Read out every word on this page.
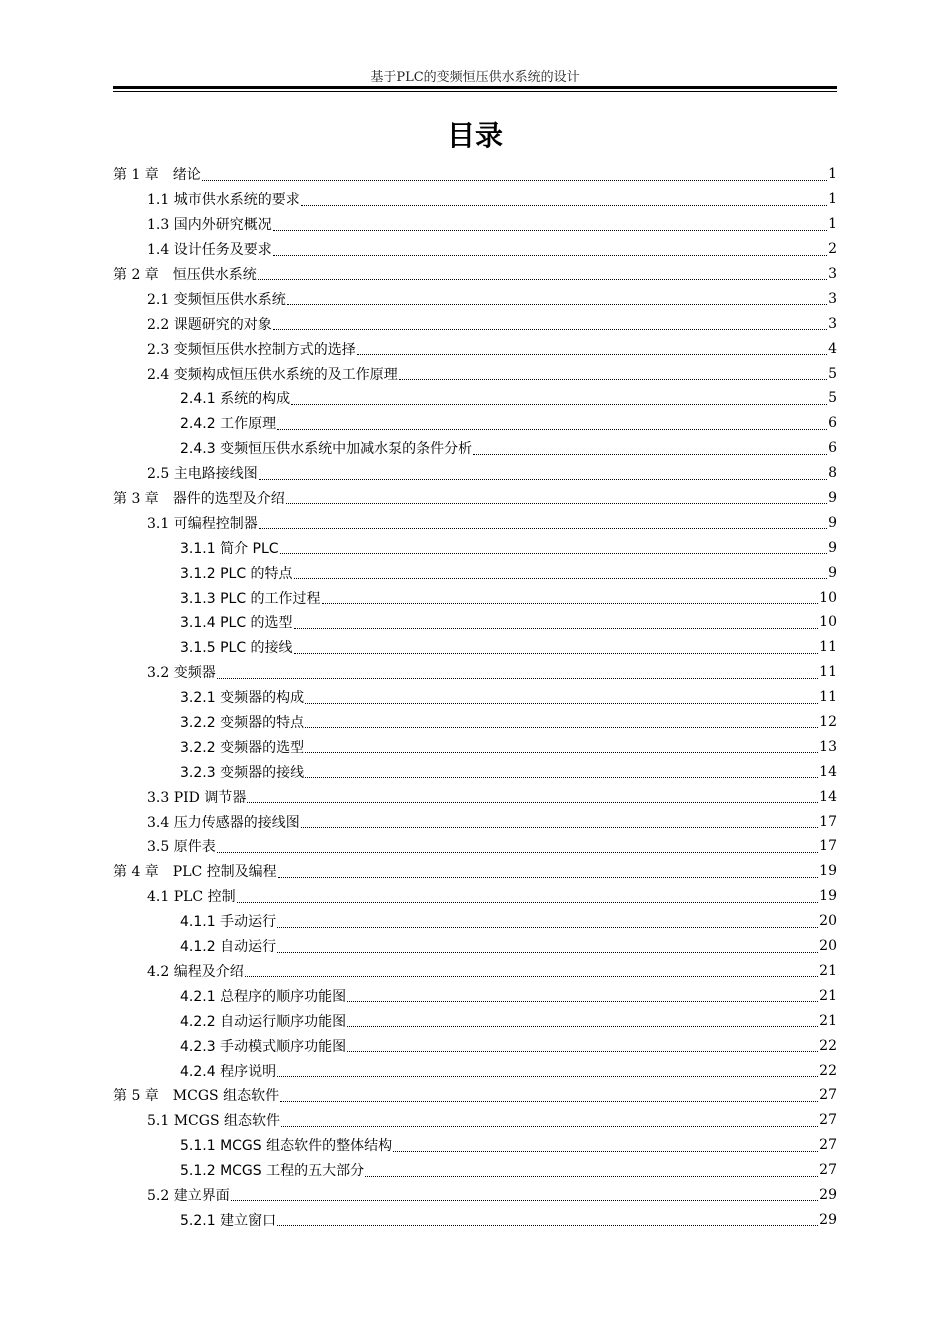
基于PLC的变频恒压供水系统的设计
目录
第 1 章　绪论	1
1.1 城市供水系统的要求	1
1.3 国内外研究概况	1
1.4 设计任务及要求	2
第 2 章　恒压供水系统	3
2.1 变频恒压供水系统	3
2.2 课题研究的对象	3
2.3 变频恒压供水控制方式的选择	4
2.4 变频构成恒压供水系统的及工作原理	5
2.4.1 系统的构成	5
2.4.2 工作原理	6
2.4.3 变频恒压供水系统中加减水泵的条件分析	6
2.5 主电路接线图	8
第 3 章　器件的选型及介绍	9
3.1 可编程控制器	9
3.1.1 简介 PLC	9
3.1.2 PLC 的特点	9
3.1.3 PLC 的工作过程	10
3.1.4 PLC 的选型	10
3.1.5 PLC 的接线	11
3.2 变频器	11
3.2.1 变频器的构成	11
3.2.2 变频器的特点	12
3.2.2 变频器的选型	13
3.2.3 变频器的接线	14
3.3 PID 调节器	14
3.4 压力传感器的接线图	17
3.5 原件表	17
第 4 章　PLC 控制及编程	19
4.1 PLC 控制	19
4.1.1 手动运行	20
4.1.2 自动运行	20
4.2 编程及介绍	21
4.2.1 总程序的顺序功能图	21
4.2.2 自动运行顺序功能图	21
4.2.3 手动模式顺序功能图	22
4.2.4 程序说明	22
第 5 章　MCGS 组态软件	27
5.1 MCGS 组态软件	27
5.1.1 MCGS 组态软件的整体结构	27
5.1.2 MCGS 工程的五大部分	27
5.2 建立界面	29
5.2.1 建立窗口	29
